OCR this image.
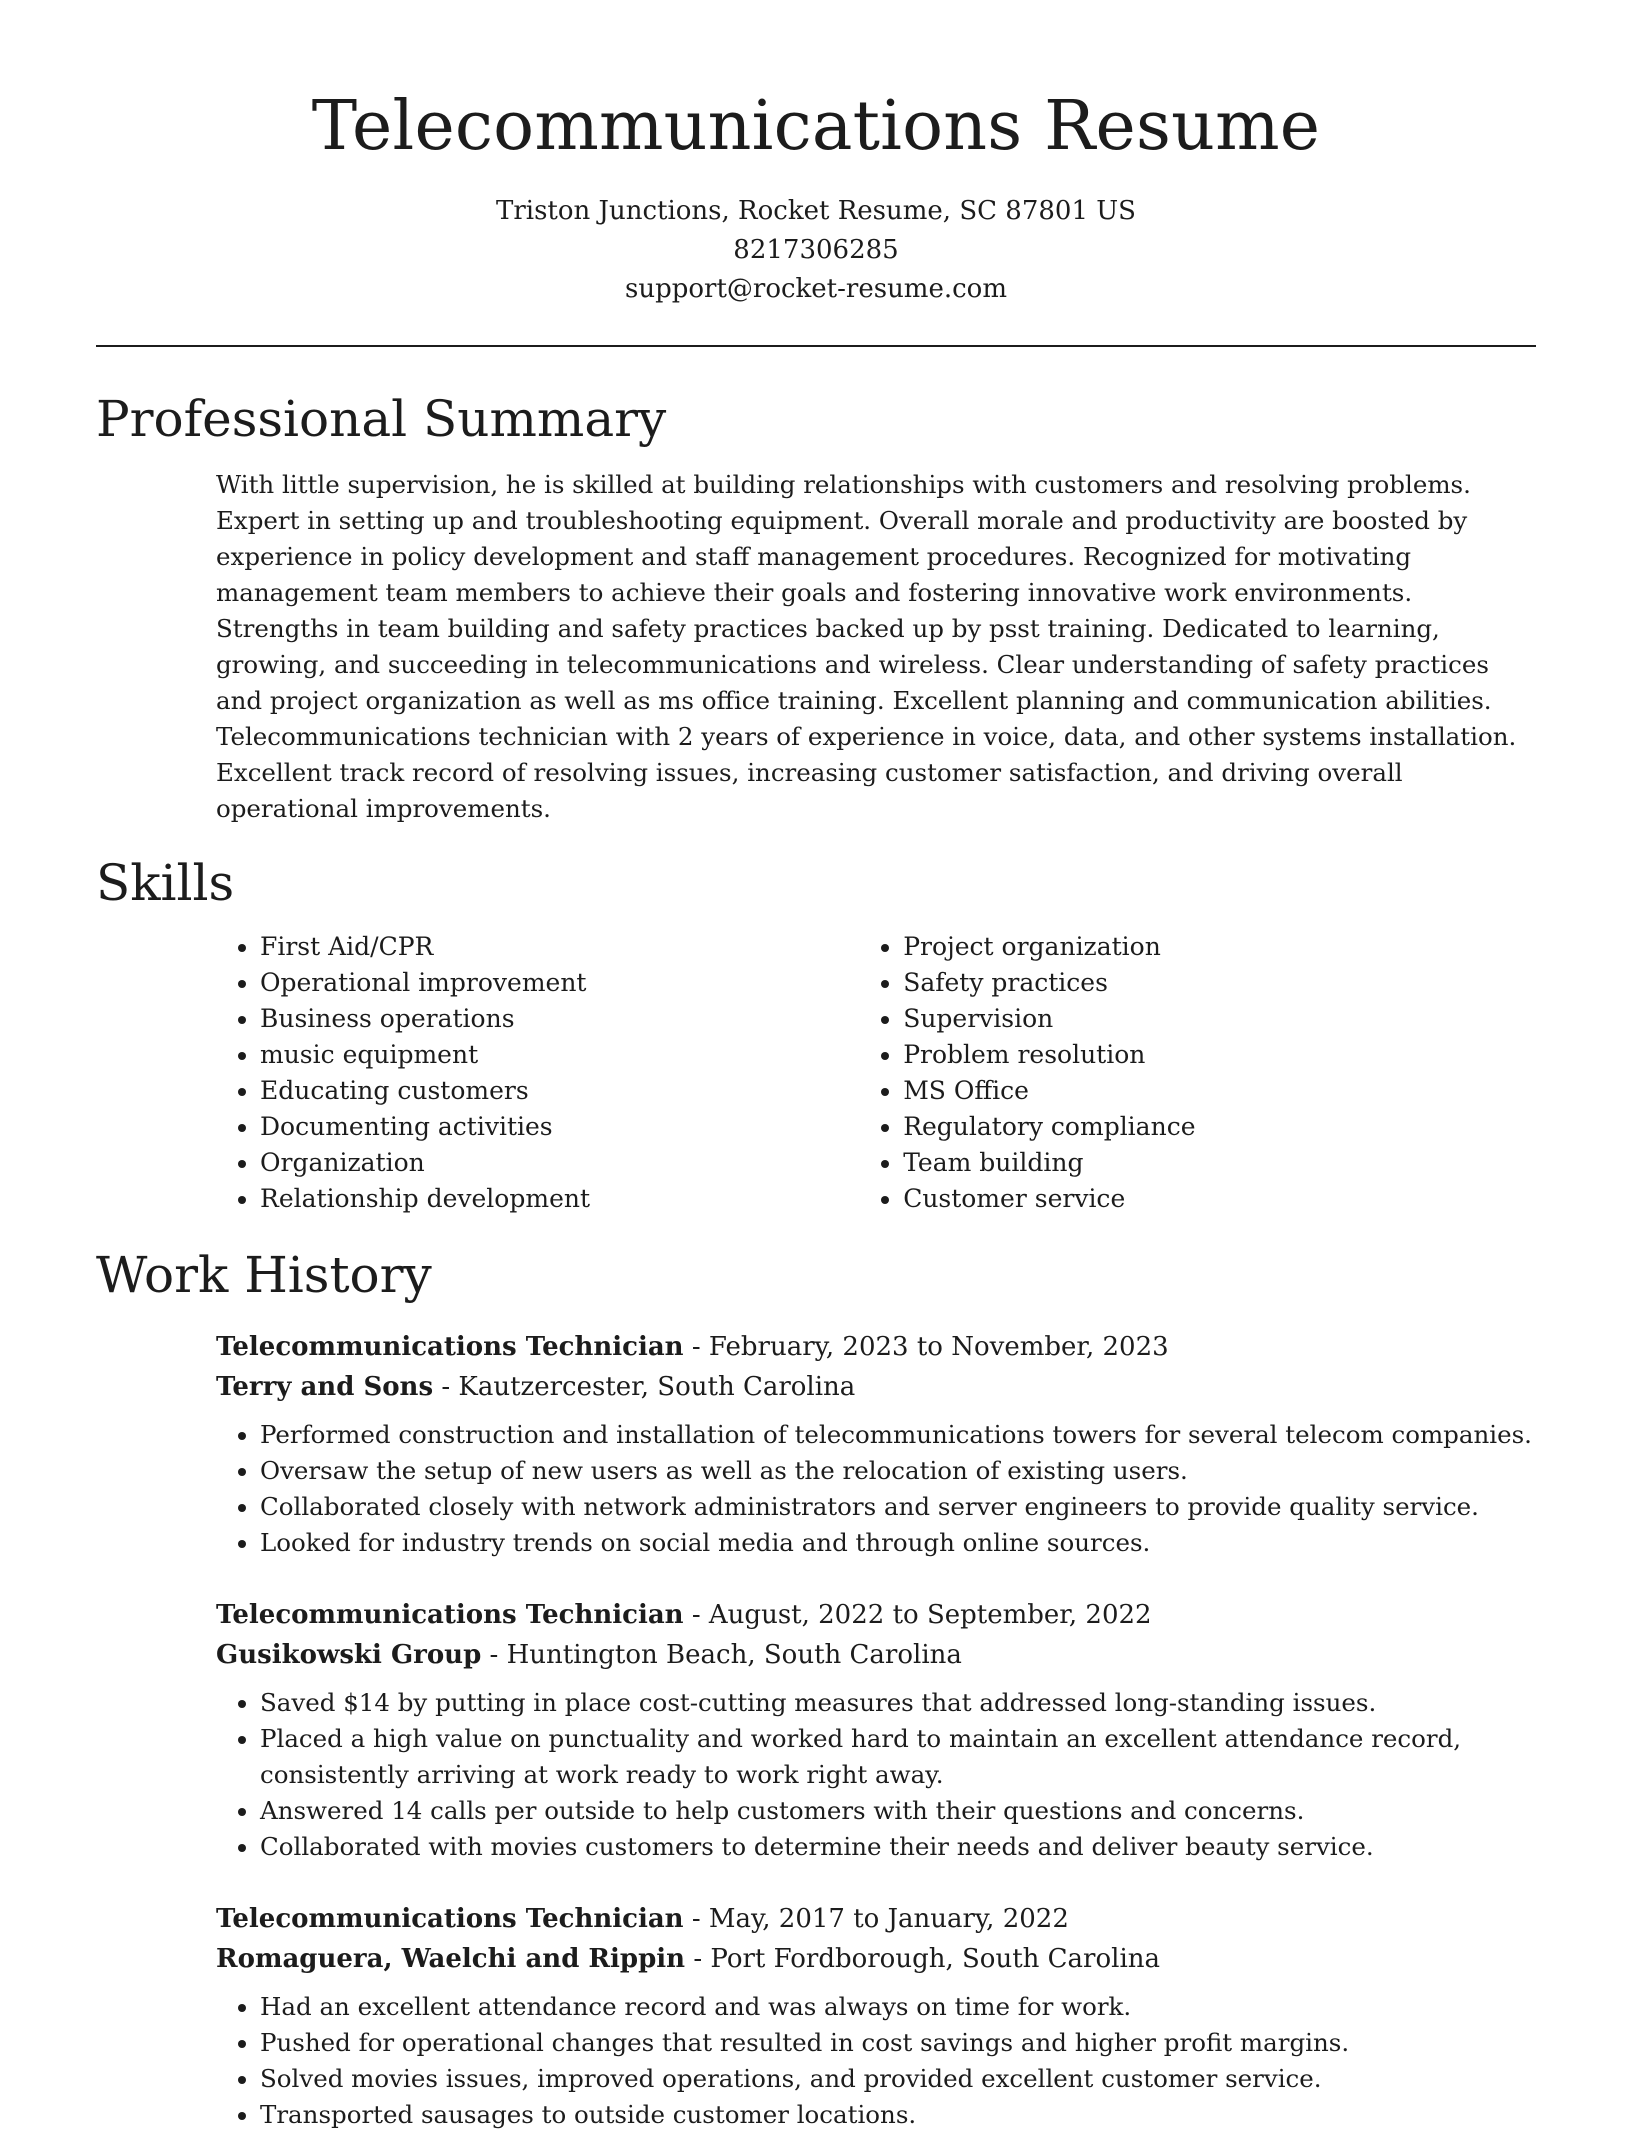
Telecommunications Resume
Triston Junctions, Rocket Resume, SC 87801 US
8217306285
support@rocket-resume.com
Professional Summary

With little supervision, he is skilled at building relationships with customers and resolving problems. Expert in setting up and troubleshooting equipment. Overall morale and productivity are boosted by experience in policy development and staff management procedures. Recognized for motivating management team members to achieve their goals and fostering innovative work environments. Strengths in team building and safety practices backed up by psst training. Dedicated to learning, growing, and succeeding in telecommunications and wireless. Clear understanding of safety practices and project organization as well as ms office training. Excellent planning and communication abilities. Telecommunications technician with 2 years of experience in voice, data, and other systems installation. Excellent track record of resolving issues, increasing customer satisfaction, and driving overall operational improvements.

Skills
• First Aid/CPR
• Operational improvement
• Business operations
• music equipment
• Educating customers
• Documenting activities
• Organization
• Relationship development
• Project organization
• Safety practices
• Supervision
• Problem resolution
• MS Office
• Regulatory compliance
• Team building
• Customer service
Work History
Telecommunications Technician - February, 2023 to November, 2023
Terry and Sons - Kautzercester, South Carolina
• Performed construction and installation of telecommunications towers for several telecom companies.
• Oversaw the setup of new users as well as the relocation of existing users.
• Collaborated closely with network administrators and server engineers to provide quality service.
• Looked for industry trends on social media and through online sources.
Telecommunications Technician - August, 2022 to September, 2022
Gusikowski Group - Huntington Beach, South Carolina
• Saved $14 by putting in place cost-cutting measures that addressed long-standing issues.
• Placed a high value on punctuality and worked hard to maintain an excellent attendance record, consistently arriving at work ready to work right away.
• Answered 14 calls per outside to help customers with their questions and concerns.
• Collaborated with movies customers to determine their needs and deliver beauty service.
Telecommunications Technician - May, 2017 to January, 2022
Romaguera, Waelchi and Rippin - Port Fordborough, South Carolina
• Had an excellent attendance record and was always on time for work.
• Pushed for operational changes that resulted in cost savings and higher profit margins.
• Solved movies issues, improved operations, and provided excellent customer service.
• Transported sausages to outside customer locations.
